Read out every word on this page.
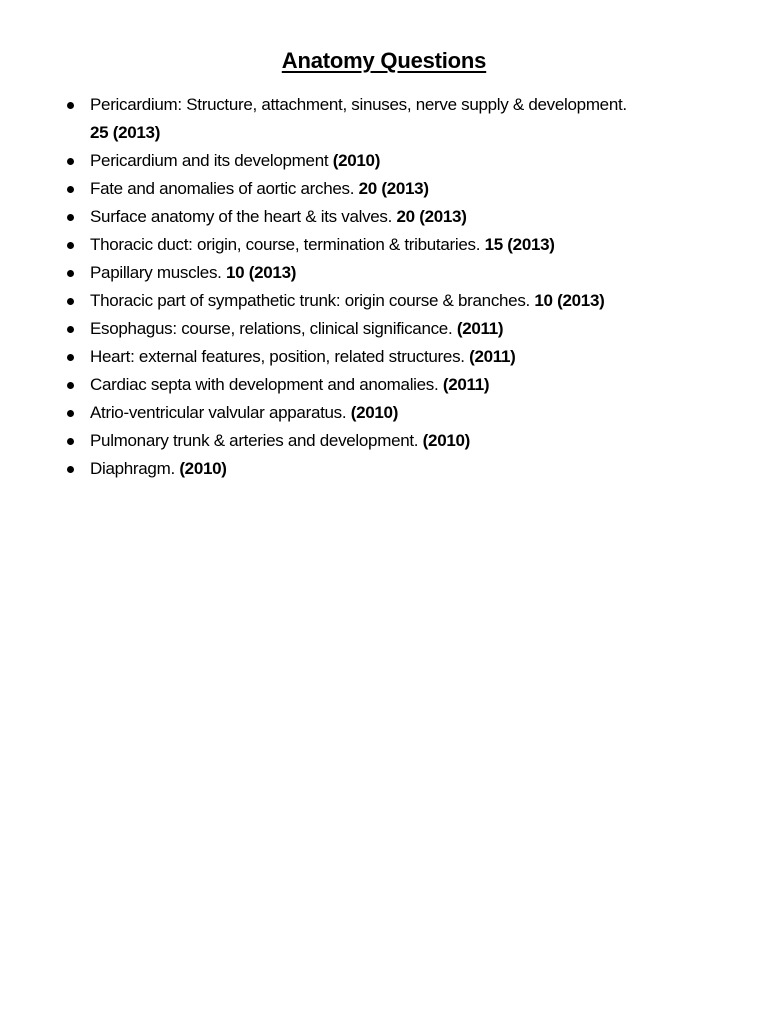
Anatomy Questions
Pericardium: Structure, attachment, sinuses, nerve supply & development.
25 (2013)
Pericardium and its development (2010)
Fate and anomalies of aortic arches. 20 (2013)
Surface anatomy of the heart & its valves. 20 (2013)
Thoracic duct: origin, course, termination & tributaries. 15 (2013)
Papillary muscles. 10 (2013)
Thoracic part of sympathetic trunk: origin course & branches. 10 (2013)
Esophagus: course, relations, clinical significance. (2011)
Heart: external features, position, related structures. (2011)
Cardiac septa with development and anomalies. (2011)
Atrio-ventricular valvular apparatus. (2010)
Pulmonary trunk & arteries and development. (2010)
Diaphragm. (2010)
